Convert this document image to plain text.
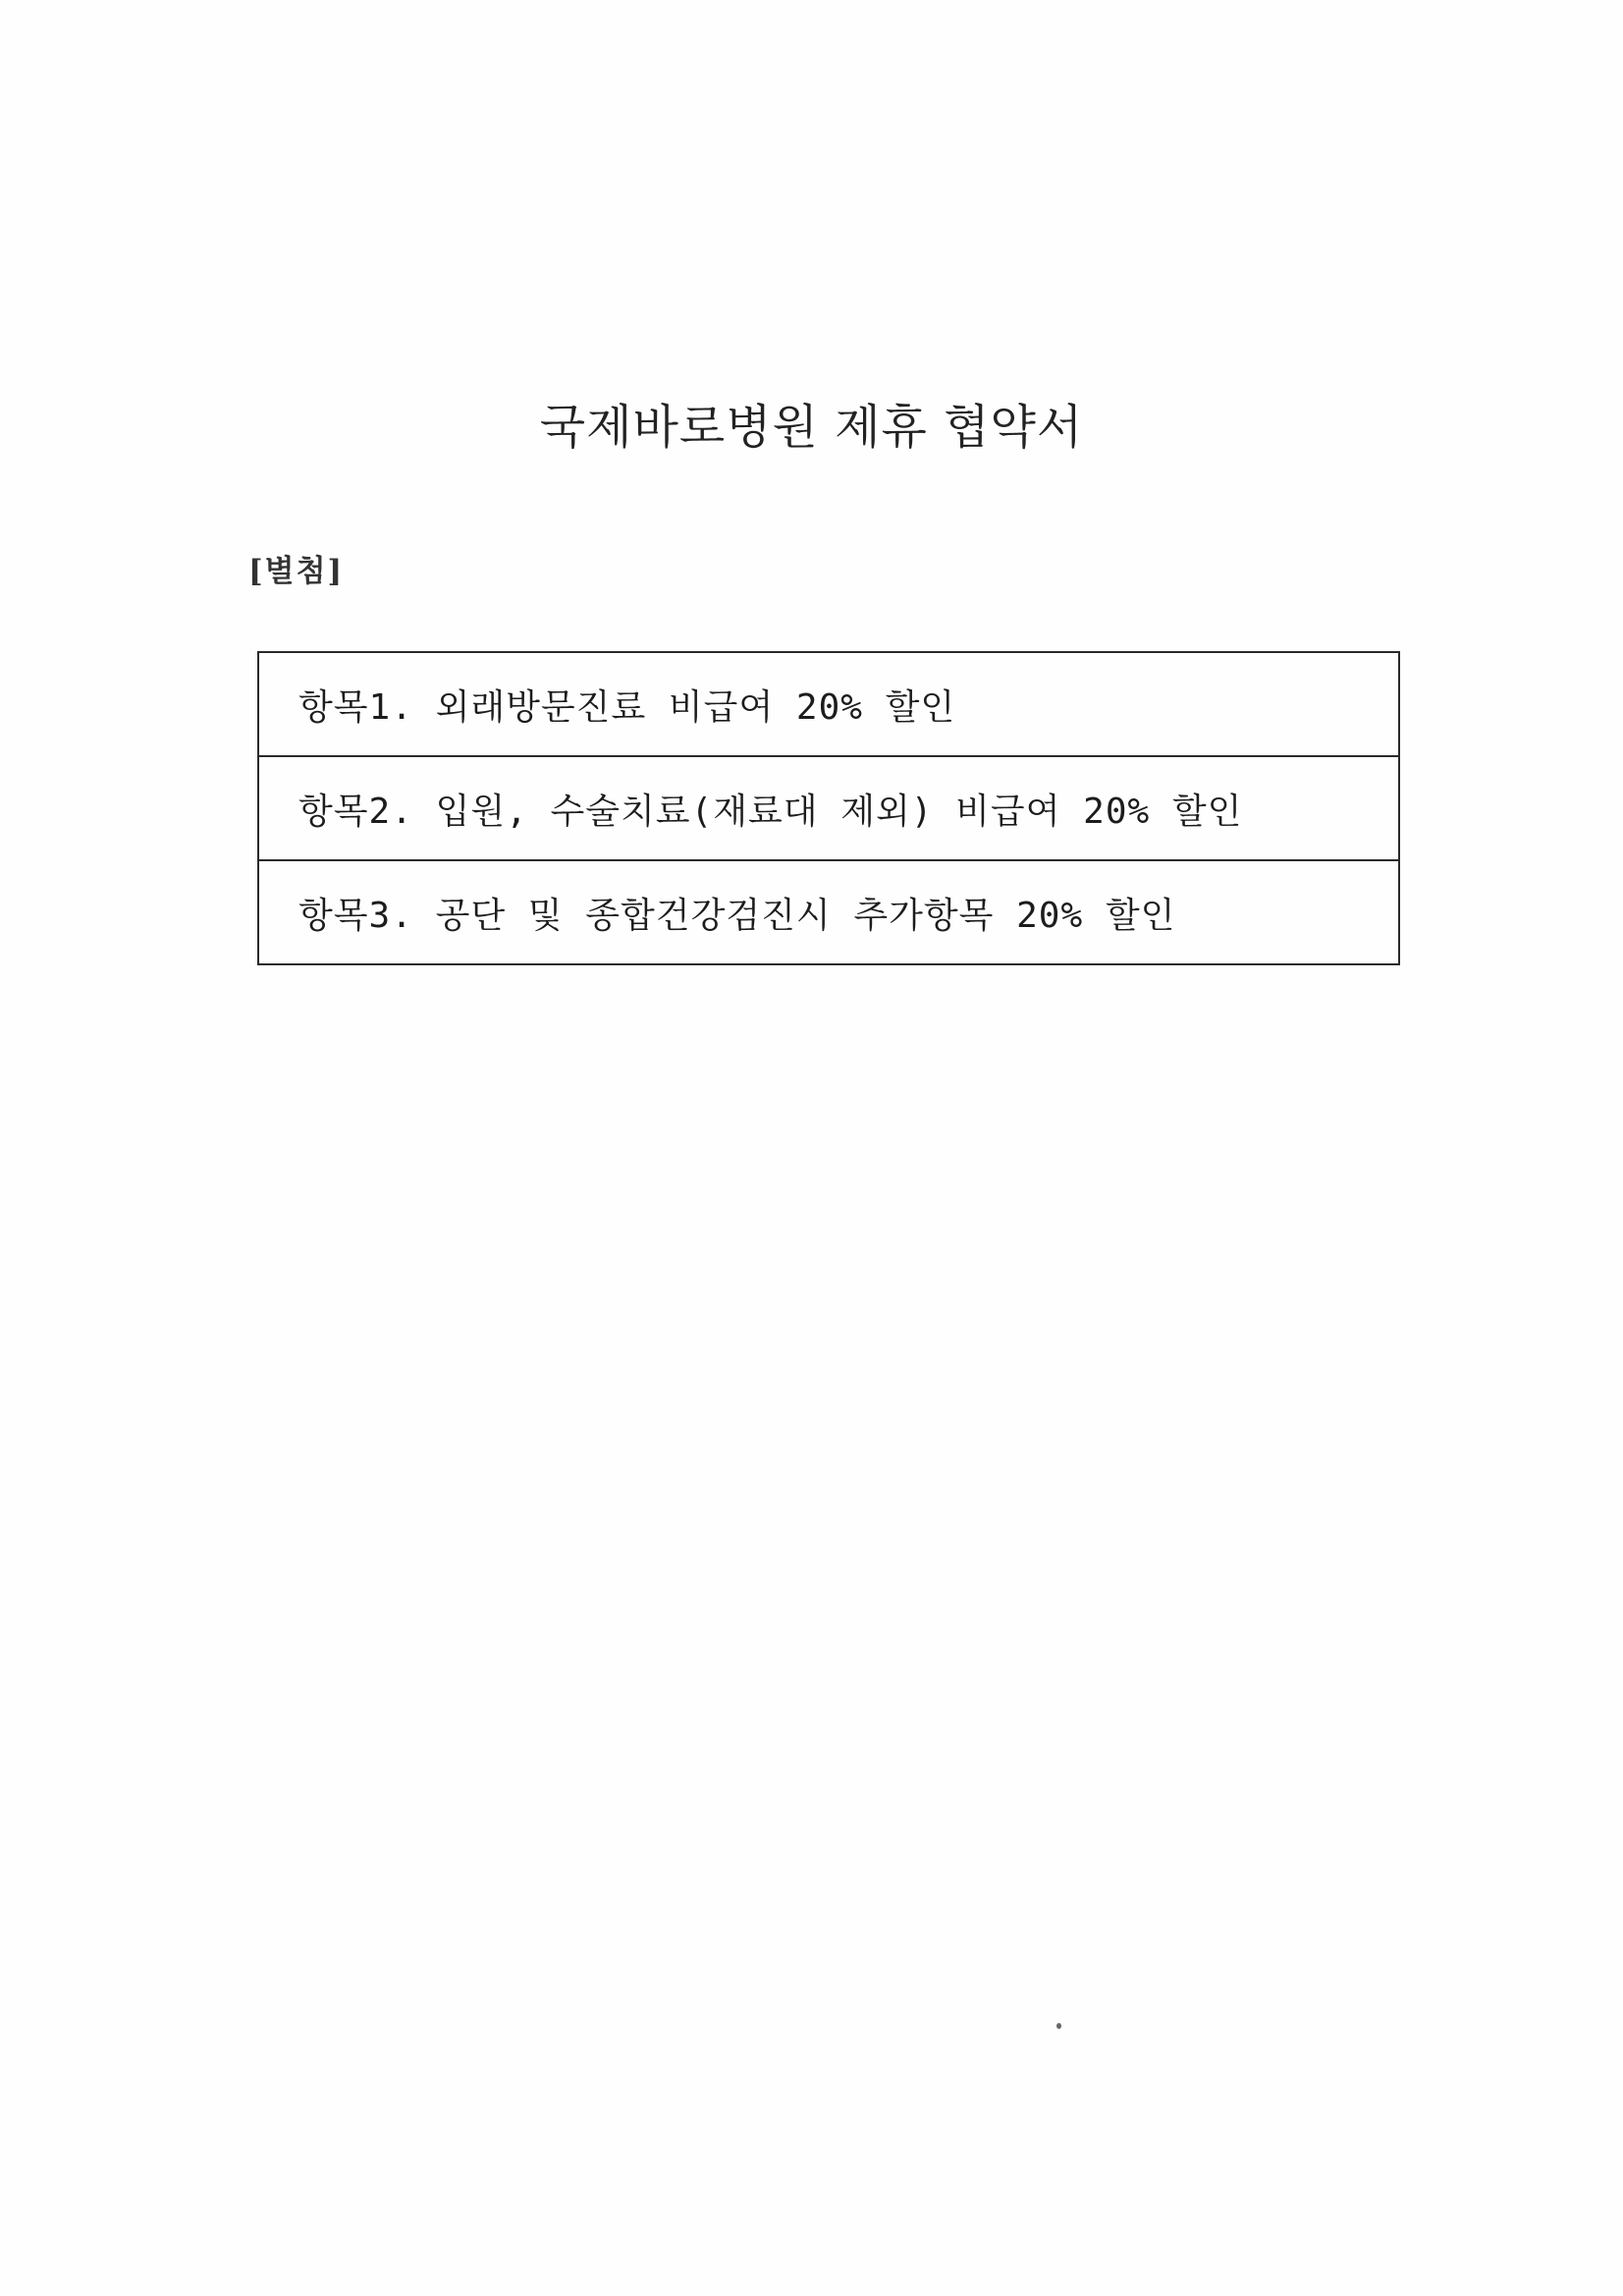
국제바로병원 제휴 협약서

[별첨]

항목1. 외래방문진료 비급여 20% 할인
항목2. 입원, 수술치료(재료대 제외) 비급여 20% 할인
항목3. 공단 및 종합건강검진시 추가항목 20% 할인
